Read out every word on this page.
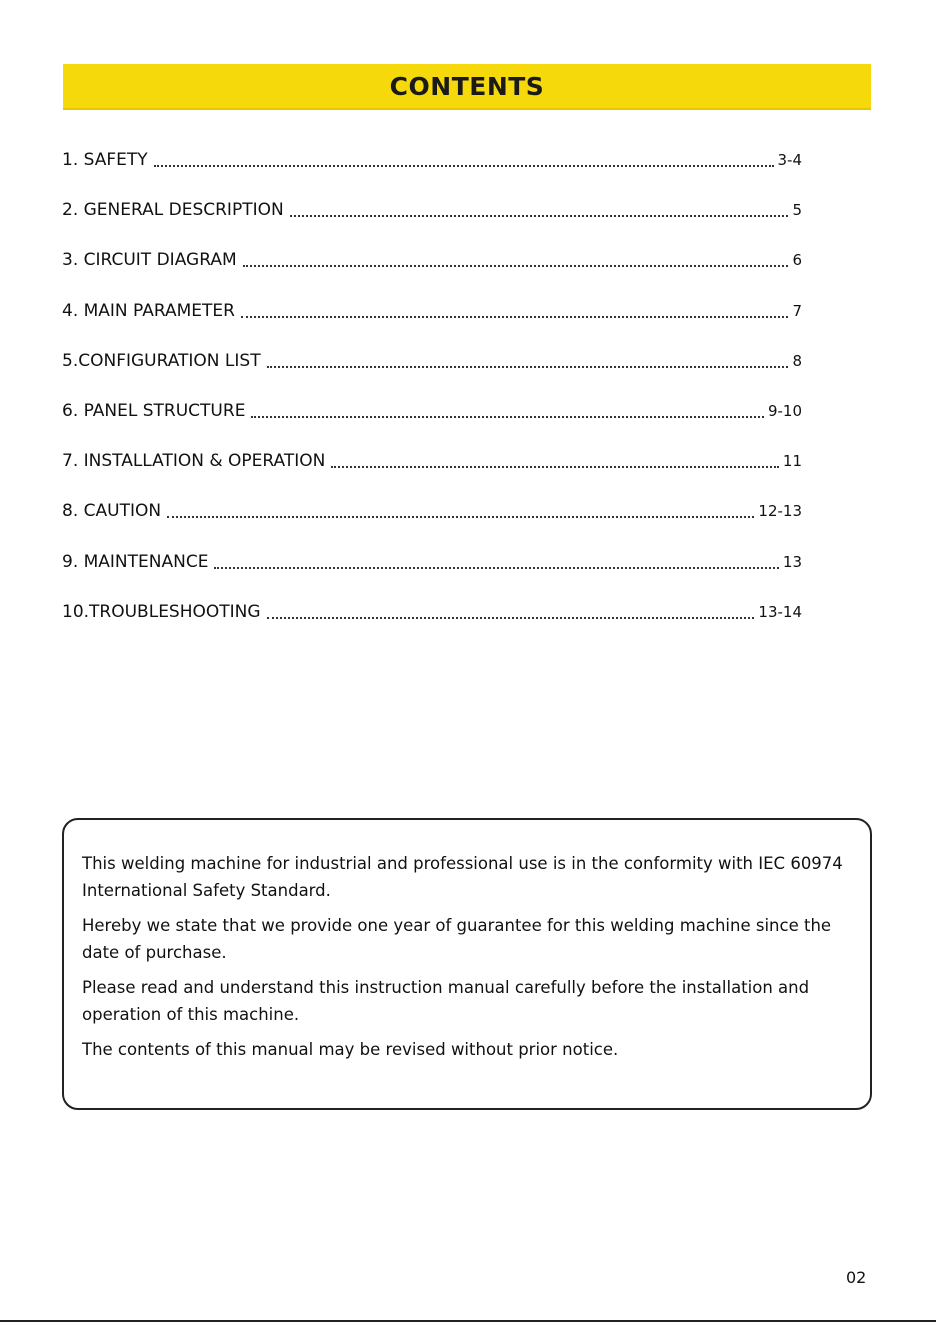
CONTENTS
1. SAFETY	3-4
2. GENERAL DESCRIPTION	5
3. CIRCUIT DIAGRAM	6
4. MAIN PARAMETER	7
5.CONFIGURATION LIST	8
6. PANEL STRUCTURE	9-10
7. INSTALLATION & OPERATION	11
8. CAUTION	12-13
9. MAINTENANCE	13
10.TROUBLESHOOTING	13-14

This welding machine for industrial and professional use is in the conformity with IEC 60974 International Safety Standard.

Hereby we state that we provide one year of guarantee for this welding machine since the date of purchase.

Please read and understand this instruction manual carefully before the installation and operation of this machine.

The contents of this manual may be revised without prior notice.

02
